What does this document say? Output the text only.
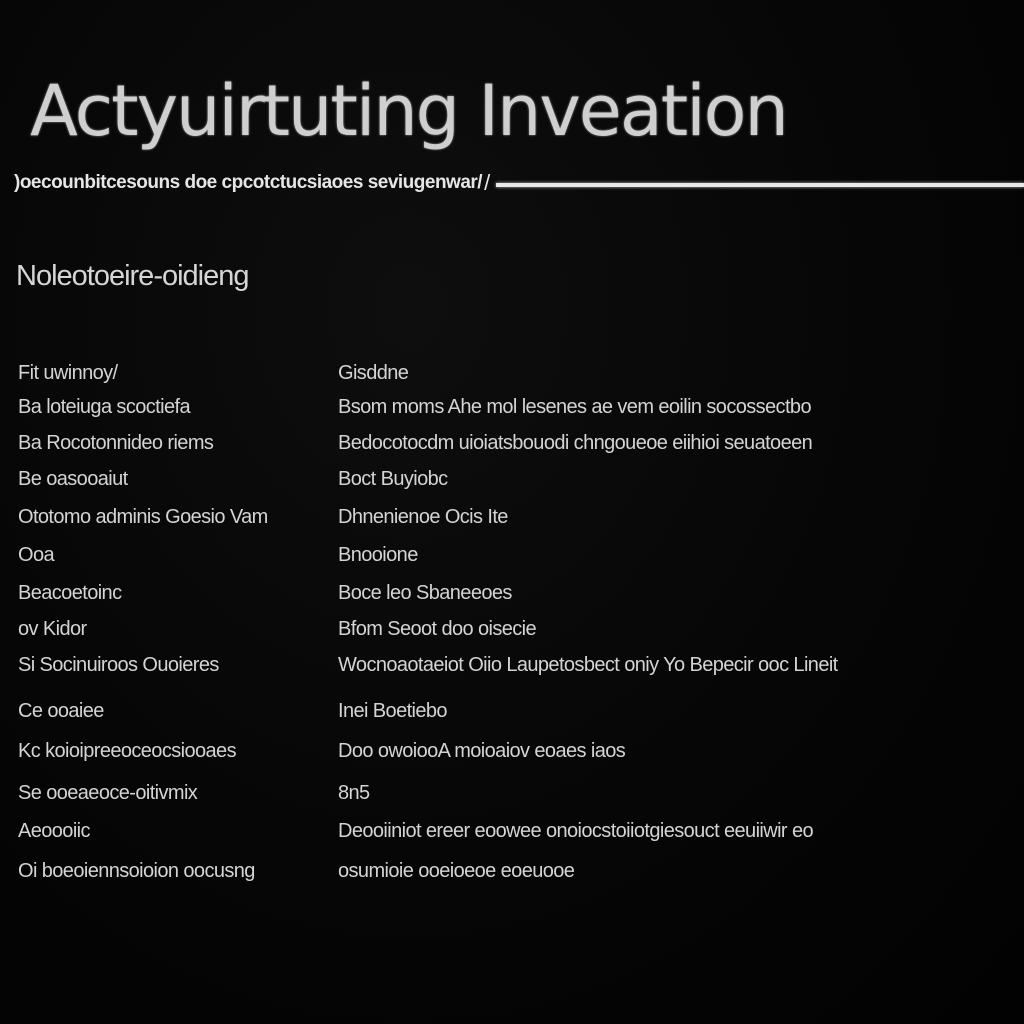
Actyuirtuting Inveation
)oecounbitcesouns doe cpcotctucsiaoes seviugenwar/ /
Noleotoeire-oidieng
Fit uwinnoy/	Gisddne
Ba loteiuga scoctiefa	Bsom moms Ahe mol lesenes ae vem eoilin socossectbo
Ba Rocotonnideo riems	Bedocotocdm uioiatsbouodi chngoueoe eiihioi seuatoeen
Be oasooaiut	Boct Buyiobc
Ototomo adminis Goesio Vam	Dhnenienoe Ocis Ite
Ooa	Bnooione
Beacoetoinc	Boce leo Sbaneeoes
ov Kidor	Bfom Seoot doo oisecie
Si Socinuiroos Ouoieres	Wocnoaotaeiot Oiio Laupetosbect oniy Yo Bepecir ooc Lineit
Ce ooaiee	Inei Boetiebo
Kc koioipreeoceocsiooaes	Doo owoiooA moioaiov eoaes iaos
Se ooeaeoce-oitivmix	8n5
Aeoooiic	Deooiiniot ereer eoowee onoiocstoiiotgiesouct eeuiiwir eo
Oi boeoiennsoioion oocusng	osumioie ooeioeoe eoeuooe
